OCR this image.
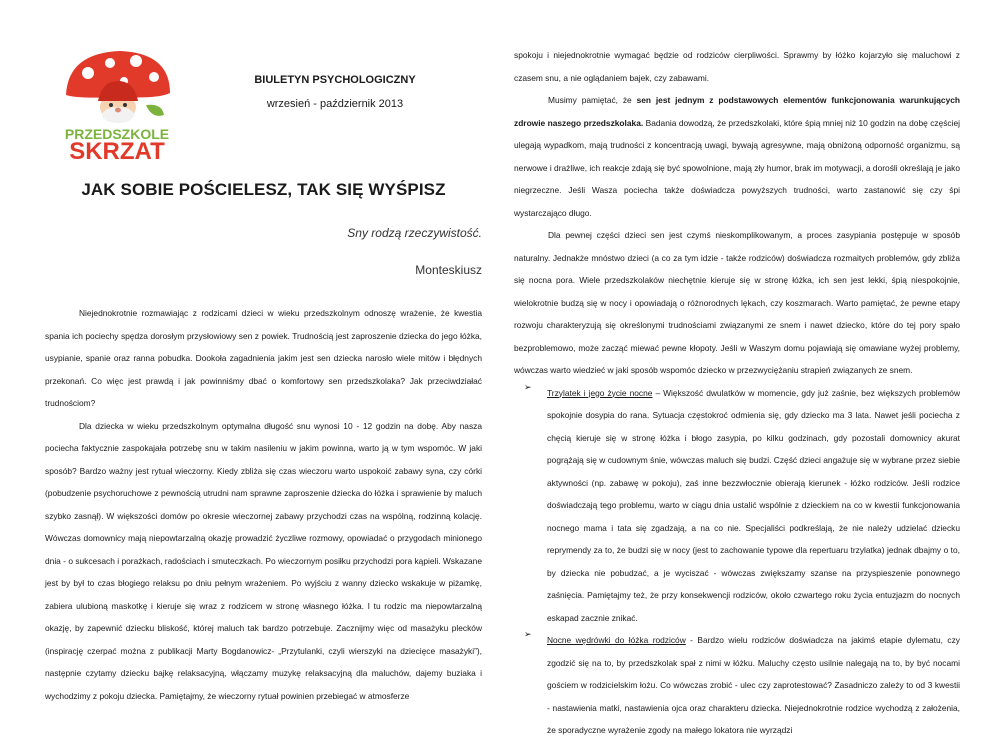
PRZEDSZKOLE
SKRZAT
BIULETYN PSYCHOLOGICZNY
wrzesień - październik 2013
JAK SOBIE POŚCIELESZ, TAK SIĘ WYŚPISZ
Sny rodzą rzeczywistość.
Monteskiusz

Niejednokrotnie rozmawiając z rodzicami dzieci w wieku przedszkolnym odnoszę wrażenie, że kwestia spania ich pociechy spędza dorosłym przysłowiowy sen z powiek. Trudnością jest zaproszenie dziecka do jego łóżka, usypianie, spanie oraz ranna pobudka. Dookoła zagadnienia jakim jest sen dziecka narosło wiele mitów i błędnych przekonań. Co więc jest prawdą i jak powinniśmy dbać o komfortowy sen przedszkolaka? Jak przeciwdziałać trudnościom?

Dla dziecka w wieku przedszkolnym optymalna długość snu wynosi 10 - 12 godzin na dobę. Aby nasza pociecha faktycznie zaspokajała potrzebę snu w takim nasileniu w jakim powinna, warto ją w tym wspomóc. W jaki sposób? Bardzo ważny jest rytuał wieczorny. Kiedy zbliża się czas wieczoru warto uspokoić zabawy syna, czy córki (pobudzenie psychoruchowe z pewnością utrudni nam sprawne zaproszenie dziecka do łóżka i sprawienie by maluch szybko zasnął). W większości domów po okresie wieczornej zabawy przychodzi czas na wspólną, rodzinną kolację. Wówczas domownicy mają niepowtarzalną okazję prowadzić życzliwe rozmowy, opowiadać o przygodach minionego dnia - o sukcesach i porażkach, radościach i smuteczkach. Po wieczornym posiłku przychodzi pora kąpieli. Wskazane jest by był to czas błogiego relaksu po dniu pełnym wrażeniem. Po wyjściu z wanny dziecko wskakuje w piżamkę, zabiera ulubioną maskotkę i kieruje się wraz z rodzicem w stronę własnego łóżka. I tu rodzic ma niepowtarzalną okazję, by zapewnić dziecku bliskość, której maluch tak bardzo potrzebuje. Zacznijmy więc od masażyku plecków (inspirację czerpać można z publikacji Marty Bogdanowicz- „Przytulanki, czyli wierszyki na dziecięce masażyki”), następnie czytamy dziecku bajkę relaksacyjną, włączamy muzykę relaksacyjną dla maluchów, dajemy buziaka i wychodzimy z pokoju dziecka. Pamiętajmy, że wieczorny rytuał powinien przebiegać w atmosferze

spokoju i niejednokrotnie wymagać będzie od rodziców cierpliwości. Sprawmy by łóżko kojarzyło się maluchowi z czasem snu, a nie oglądaniem bajek, czy zabawami.

Musimy pamiętać, że sen jest jednym z podstawowych elementów funkcjonowania warunkujących zdrowie naszego przedszkolaka. Badania dowodzą, że przedszkolaki, które śpią mniej niż 10 godzin na dobę częściej ulegają wypadkom, mają trudności z koncentracją uwagi, bywają agresywne, mają obniżoną odporność organizmu, są nerwowe i drażliwe, ich reakcje zdają się być spowolnione, mają zły humor, brak im motywacji, a dorośli określają je jako niegrzeczne. Jeśli Wasza pociecha także doświadcza powyższych trudności, warto zastanowić się czy śpi wystarczająco długo.

Dla pewnej części dzieci sen jest czymś nieskomplikowanym, a proces zasypiania postępuje w sposób naturalny. Jednakże mnóstwo dzieci (a co za tym idzie - także rodziców) doświadcza rozmaitych problemów, gdy zbliża się nocna pora. Wiele przedszkolaków niechętnie kieruje się w stronę łóżka, ich sen jest lekki, śpią niespokojnie, wielokrotnie budzą się w nocy i opowiadają o różnorodnych lękach, czy koszmarach. Warto pamiętać, że pewne etapy rozwoju charakteryzują się określonymi trudnościami związanymi ze snem i nawet dziecko, które do tej pory spało bezproblemowo, może zacząć miewać pewne kłopoty. Jeśli w Waszym domu pojawiają się omawiane wyżej problemy, wówczas warto wiedzieć w jaki sposób wspomóc dziecko w przezwyciężaniu strapień związanych ze snem.

➢

Trzylatek i jego życie nocne – Większość dwulatków w momencie, gdy już zaśnie, bez większych problemów spokojnie dosypia do rana. Sytuacja częstokroć odmienia się, gdy dziecko ma 3 lata. Nawet jeśli pociecha z chęcią kieruje się w stronę łóżka i błogo zasypia, po kilku godzinach, gdy pozostali domownicy akurat pogrążają się w cudownym śnie, wówczas maluch się budzi. Część dzieci angażuje się w wybrane przez siebie aktywności (np. zabawę w pokoju), zaś inne bezzwłocznie obierają kierunek - łóżko rodziców. Jeśli rodzice doświadczają tego problemu, warto w ciągu dnia ustalić wspólnie z dzieckiem na co w kwestii funkcjonowania nocnego mama i tata się zgadzają, a na co nie. Specjaliści podkreślają, że nie należy udzielać dziecku reprymendy za to, że budzi się w nocy (jest to zachowanie typowe dla repertuaru trzylatka) jednak dbajmy o to, by dziecka nie pobudzać, a je wyciszać - wówczas zwiększamy szanse na przyspieszenie ponownego zaśnięcia. Pamiętajmy też, że przy konsekwencji rodziców, około czwartego roku życia entuzjazm do nocnych eskapad zacznie znikać.

➢

Nocne wędrówki do łóżka rodziców - Bardzo wielu rodziców doświadcza na jakimś etapie dylematu, czy zgodzić się na to, by przedszkolak spał z nimi w łóżku. Maluchy często usilnie nalegają na to, by być nocami gościem w rodzicielskim łożu. Co wówczas zrobić - ulec czy zaprotestować? Zasadniczo zależy to od 3 kwestii - nastawienia matki, nastawienia ojca oraz charakteru dziecka. Niejednokrotnie rodzice wychodzą z założenia, że sporadyczne wyrażenie zgody na małego lokatora nie wyrządzi
